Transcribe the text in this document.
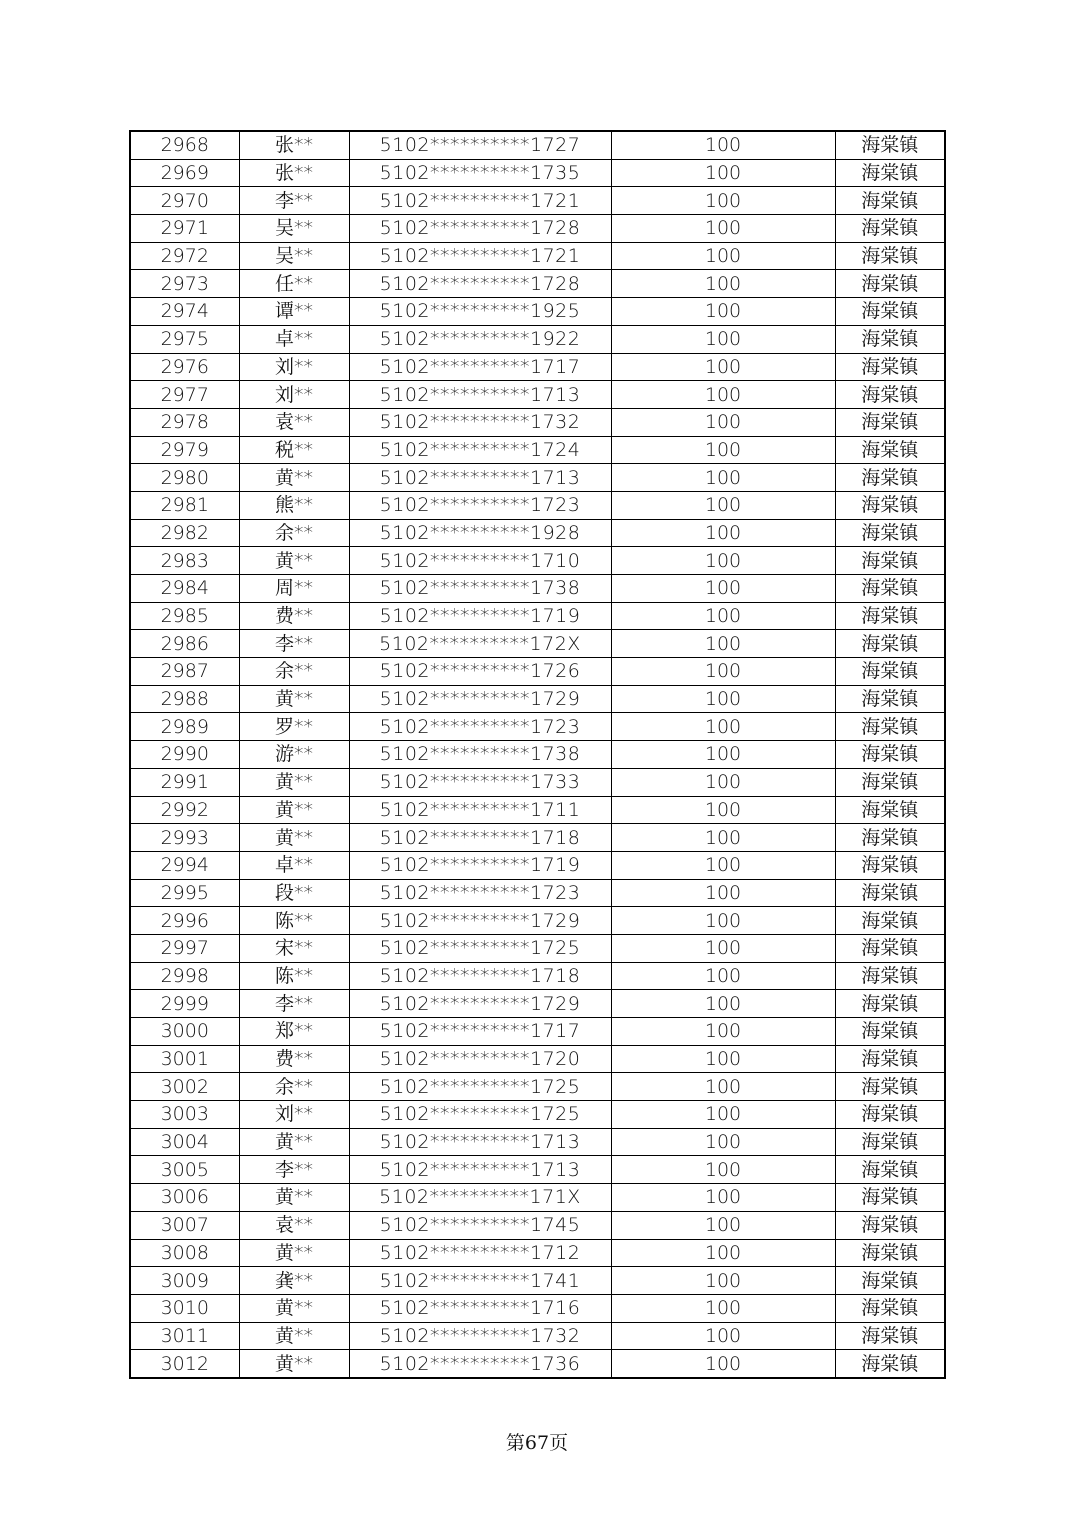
2968	张**	5102**********1727	100	海棠镇
2969	张**	5102**********1735	100	海棠镇
2970	李**	5102**********1721	100	海棠镇
2971	吴**	5102**********1728	100	海棠镇
2972	吴**	5102**********1721	100	海棠镇
2973	任**	5102**********1728	100	海棠镇
2974	谭**	5102**********1925	100	海棠镇
2975	卓**	5102**********1922	100	海棠镇
2976	刘**	5102**********1717	100	海棠镇
2977	刘**	5102**********1713	100	海棠镇
2978	袁**	5102**********1732	100	海棠镇
2979	税**	5102**********1724	100	海棠镇
2980	黄**	5102**********1713	100	海棠镇
2981	熊**	5102**********1723	100	海棠镇
2982	余**	5102**********1928	100	海棠镇
2983	黄**	5102**********1710	100	海棠镇
2984	周**	5102**********1738	100	海棠镇
2985	费**	5102**********1719	100	海棠镇
2986	李**	5102**********172X	100	海棠镇
2987	余**	5102**********1726	100	海棠镇
2988	黄**	5102**********1729	100	海棠镇
2989	罗**	5102**********1723	100	海棠镇
2990	游**	5102**********1738	100	海棠镇
2991	黄**	5102**********1733	100	海棠镇
2992	黄**	5102**********1711	100	海棠镇
2993	黄**	5102**********1718	100	海棠镇
2994	卓**	5102**********1719	100	海棠镇
2995	段**	5102**********1723	100	海棠镇
2996	陈**	5102**********1729	100	海棠镇
2997	宋**	5102**********1725	100	海棠镇
2998	陈**	5102**********1718	100	海棠镇
2999	李**	5102**********1729	100	海棠镇
3000	郑**	5102**********1717	100	海棠镇
3001	费**	5102**********1720	100	海棠镇
3002	余**	5102**********1725	100	海棠镇
3003	刘**	5102**********1725	100	海棠镇
3004	黄**	5102**********1713	100	海棠镇
3005	李**	5102**********1713	100	海棠镇
3006	黄**	5102**********171X	100	海棠镇
3007	袁**	5102**********1745	100	海棠镇
3008	黄**	5102**********1712	100	海棠镇
3009	龚**	5102**********1741	100	海棠镇
3010	黄**	5102**********1716	100	海棠镇
3011	黄**	5102**********1732	100	海棠镇
3012	黄**	5102**********1736	100	海棠镇
第67页
